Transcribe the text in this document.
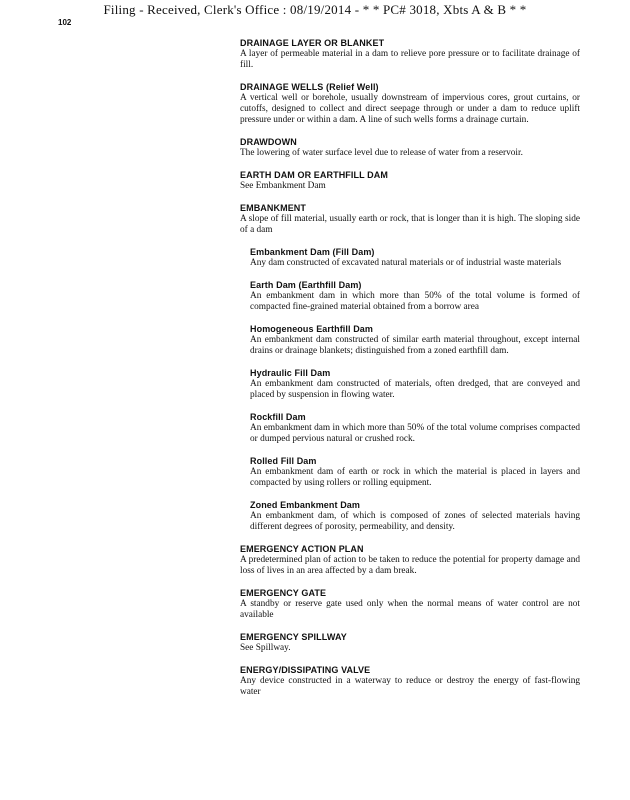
Filing - Received, Clerk's Office : 08/19/2014 - * * PC# 3018, Xbts A & B * *
102
DRAINAGE LAYER OR BLANKET
A layer of permeable material in a dam to relieve pore pressure or to facilitate drainage of fill.
DRAINAGE WELLS (Relief Well)
A vertical well or borehole, usually downstream of impervious cores, grout curtains, or cutoffs, designed to collect and direct seepage through or under a dam to reduce uplift pressure under or within a dam. A line of such wells forms a drainage curtain.
DRAWDOWN
The lowering of water surface level due to release of water from a reservoir.
EARTH DAM OR EARTHFILL DAM
See Embankment Dam
EMBANKMENT
A slope of fill material, usually earth or rock, that is longer than it is high. The sloping side of a dam
Embankment Dam (Fill Dam)
Any dam constructed of excavated natural materials or of industrial waste materials
Earth Dam (Earthfill Dam)
An embankment dam in which more than 50% of the total volume is formed of compacted fine-grained material obtained from a borrow area
Homogeneous Earthfill Dam
An embankment dam constructed of similar earth material throughout, except internal drains or drainage blankets; distinguished from a zoned earthfill dam.
Hydraulic Fill Dam
An embankment dam constructed of materials, often dredged, that are conveyed and placed by suspension in flowing water.
Rockfill Dam
An embankment dam in which more than 50% of the total volume comprises compacted or dumped pervious natural or crushed rock.
Rolled Fill Dam
An embankment dam of earth or rock in which the material is placed in layers and compacted by using rollers or rolling equipment.
Zoned Embankment Dam
An embankment dam, of which is composed of zones of selected materials having different degrees of porosity, permeability, and density.
EMERGENCY ACTION PLAN
A predetermined plan of action to be taken to reduce the potential for property damage and loss of lives in an area affected by a dam break.
EMERGENCY GATE
A standby or reserve gate used only when the normal means of water control are not available
EMERGENCY SPILLWAY
See Spillway.
ENERGY/DISSIPATING VALVE
Any device constructed in a waterway to reduce or destroy the energy of fast-flowing water
